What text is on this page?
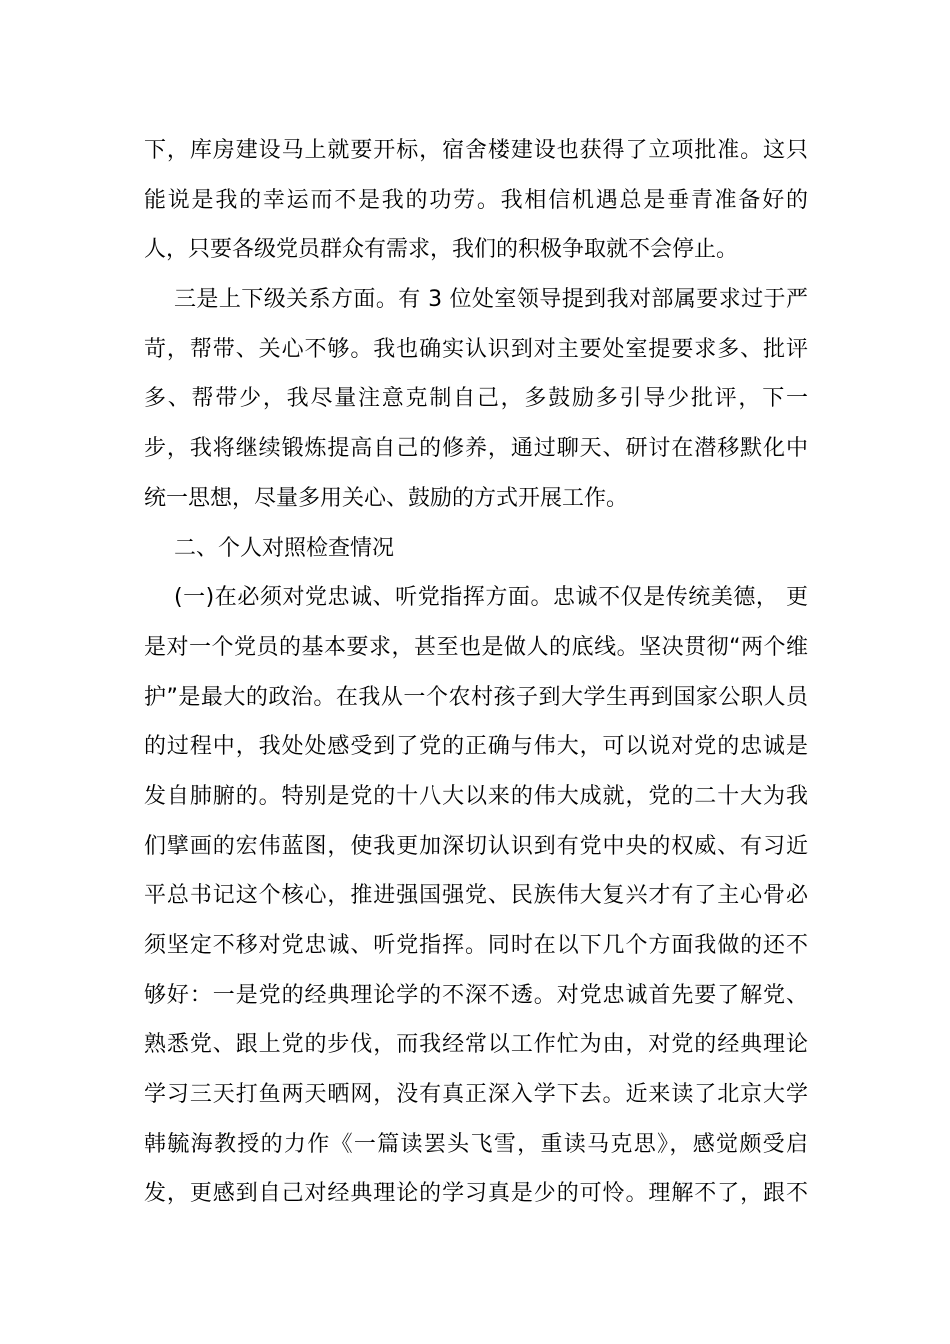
下，库房建设马上就要开标，宿舍楼建设也获得了立项批准。这只
能说是我的幸运而不是我的功劳。我相信机遇总是垂青准备好的
人，只要各级党员群众有需求，我们的积极争取就不会停止。
三是上下级关系方面。有 3 位处室领导提到我对部属要求过于严
苛，帮带、关心不够。我也确实认识到对主要处室提要求多、批评
多、帮带少，我尽量注意克制自己，多鼓励多引导少批评，下一
步，我将继续锻炼提高自己的修养，通过聊天、研讨在潜移默化中
统一思想，尽量多用关心、鼓励的方式开展工作。
二、个人对照检查情况
(一)在必须对党忠诚、听党指挥方面。忠诚不仅是传统美德， 更
是对一个党员的基本要求，甚至也是做人的底线。坚决贯彻“两个维
护”是最大的政治。在我从一个农村孩子到大学生再到国家公职人员
的过程中，我处处感受到了党的正确与伟大，可以说对党的忠诚是
发自肺腑的。特别是党的十八大以来的伟大成就，党的二十大为我
们擘画的宏伟蓝图，使我更加深切认识到有党中央的权威、有习近
平总书记这个核心，推进强国强党、民族伟大复兴才有了主心骨必
须坚定不移对党忠诚、听党指挥。同时在以下几个方面我做的还不
够好：一是党的经典理论学的不深不透。对党忠诚首先要了解党、
熟悉党、跟上党的步伐，而我经常以工作忙为由，对党的经典理论
学习三天打鱼两天晒网，没有真正深入学下去。近来读了北京大学
韩毓海教授的力作《一篇读罢头飞雪，重读马克思》，感觉颇受启
发，更感到自己对经典理论的学习真是少的可怜。理解不了，跟不
